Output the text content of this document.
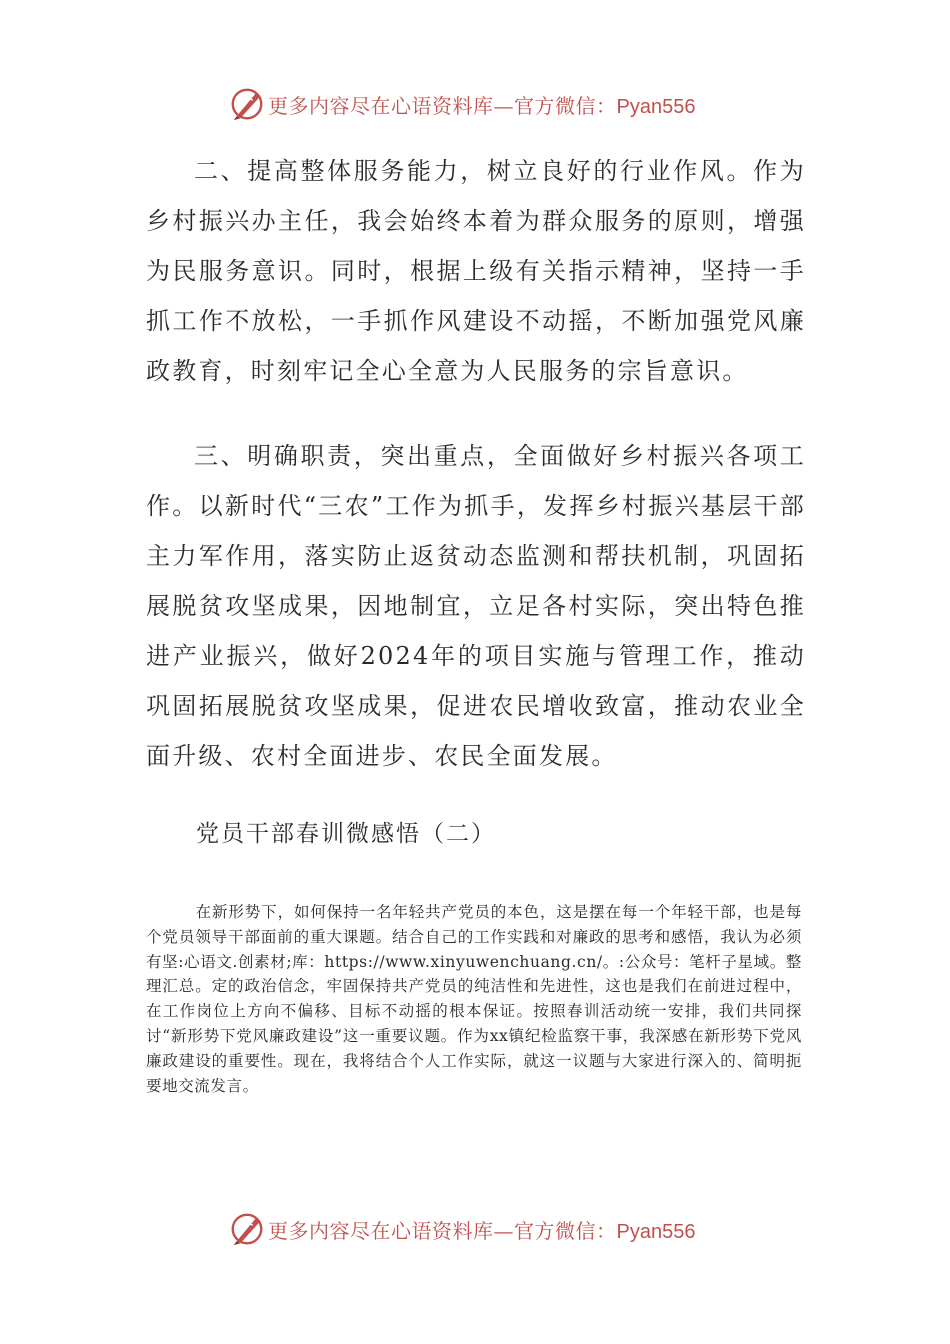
更多内容尽在心语资料库—官方微信：Pyan556

二、提高整体服务能力，树立良好的行业作风。作为乡村振兴办主任，我会始终本着为群众服务的原则，增强为民服务意识。同时，根据上级有关指示精神，坚持一手抓工作不放松，一手抓作风建设不动摇，不断加强党风廉政教育，时刻牢记全心全意为人民服务的宗旨意识。

三、明确职责，突出重点，全面做好乡村振兴各项工作。以新时代“三农”工作为抓手，发挥乡村振兴基层干部主力军作用，落实防止返贫动态监测和帮扶机制，巩固拓展脱贫攻坚成果，因地制宜，立足各村实际，突出特色推进产业振兴，做好2024年的项目实施与管理工作，推动巩固拓展脱贫攻坚成果，促进农民增收致富，推动农业全面升级、农村全面进步、农民全面发展。

党员干部春训微感悟（二）

在新形势下，如何保持一名年轻共产党员的本色，这是摆在每一个年轻干部，也是每个党员领导干部面前的重大课题。结合自己的工作实践和对廉政的思考和感悟，我认为必须有坚:心语文.创素材;库：https://www.xinyuwenchuang.cn/。:公众号：笔杆子星域。整理汇总。定的政治信念，牢固保持共产党员的纯洁性和先进性，这也是我们在前进过程中，在工作岗位上方向不偏移、目标不动摇的根本保证。按照春训活动统一安排，我们共同探讨“新形势下党风廉政建设”这一重要议题。作为xx镇纪检监察干事，我深感在新形势下党风廉政建设的重要性。现在，我将结合个人工作实际，就这一议题与大家进行深入的、简明扼要地交流发言。

更多内容尽在心语资料库—官方微信：Pyan556
